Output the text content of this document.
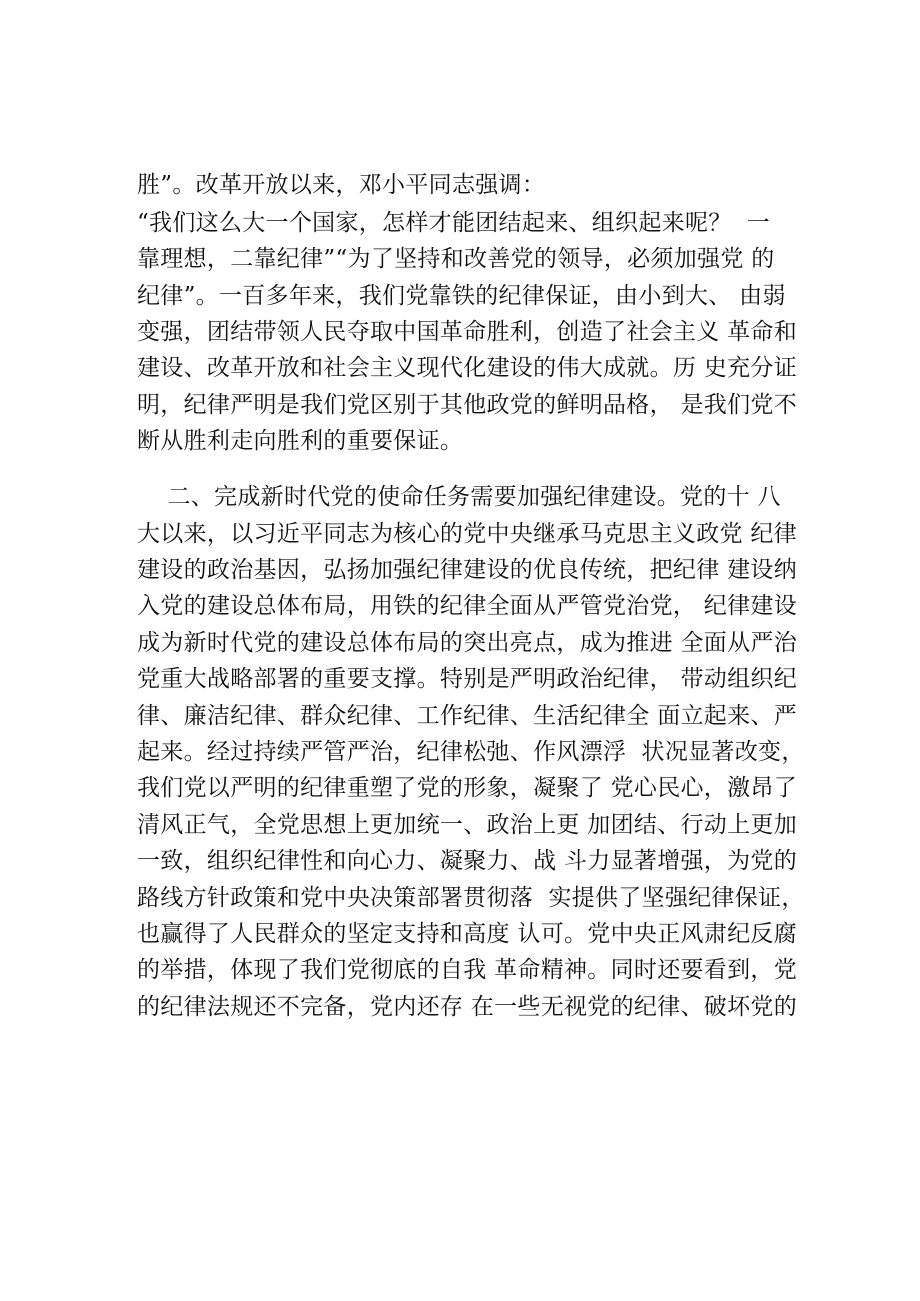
胜”。改革开放以来，邓小平同志强调：
“我们这么大一个国家，怎样才能团结起来、组织起来呢？  一
靠理想，二靠纪律”“为了坚持和改善党的领导，必须加强党 的
纪律”。一百多年来，我们党靠铁的纪律保证，由小到大、 由弱
变强，团结带领人民夺取中国革命胜利，创造了社会主义 革命和
建设、改革开放和社会主义现代化建设的伟大成就。历 史充分证
明，纪律严明是我们党区别于其他政党的鲜明品格， 是我们党不
断从胜利走向胜利的重要保证。
二、完成新时代党的使命任务需要加强纪律建设。党的十 八
大以来，以习近平同志为核心的党中央继承马克思主义政党 纪律
建设的政治基因，弘扬加强纪律建设的优良传统，把纪律 建设纳
入党的建设总体布局，用铁的纪律全面从严管党治党， 纪律建设
成为新时代党的建设总体布局的突出亮点，成为推进 全面从严治
党重大战略部署的重要支撑。特别是严明政治纪律， 带动组织纪
律、廉洁纪律、群众纪律、工作纪律、生活纪律全 面立起来、严
起来。经过持续严管严治，纪律松弛、作风漂浮  状况显著改变，
我们党以严明的纪律重塑了党的形象，凝聚了 党心民心，激昂了
清风正气，全党思想上更加统一、政治上更 加团结、行动上更加
一致，组织纪律性和向心力、凝聚力、战 斗力显著增强，为党的
路线方针政策和党中央决策部署贯彻落  实提供了坚强纪律保证，
也赢得了人民群众的坚定支持和高度 认可。党中央正风肃纪反腐
的举措，体现了我们党彻底的自我 革命精神。同时还要看到，党
的纪律法规还不完备，党内还存 在一些无视党的纪律、破坏党的
